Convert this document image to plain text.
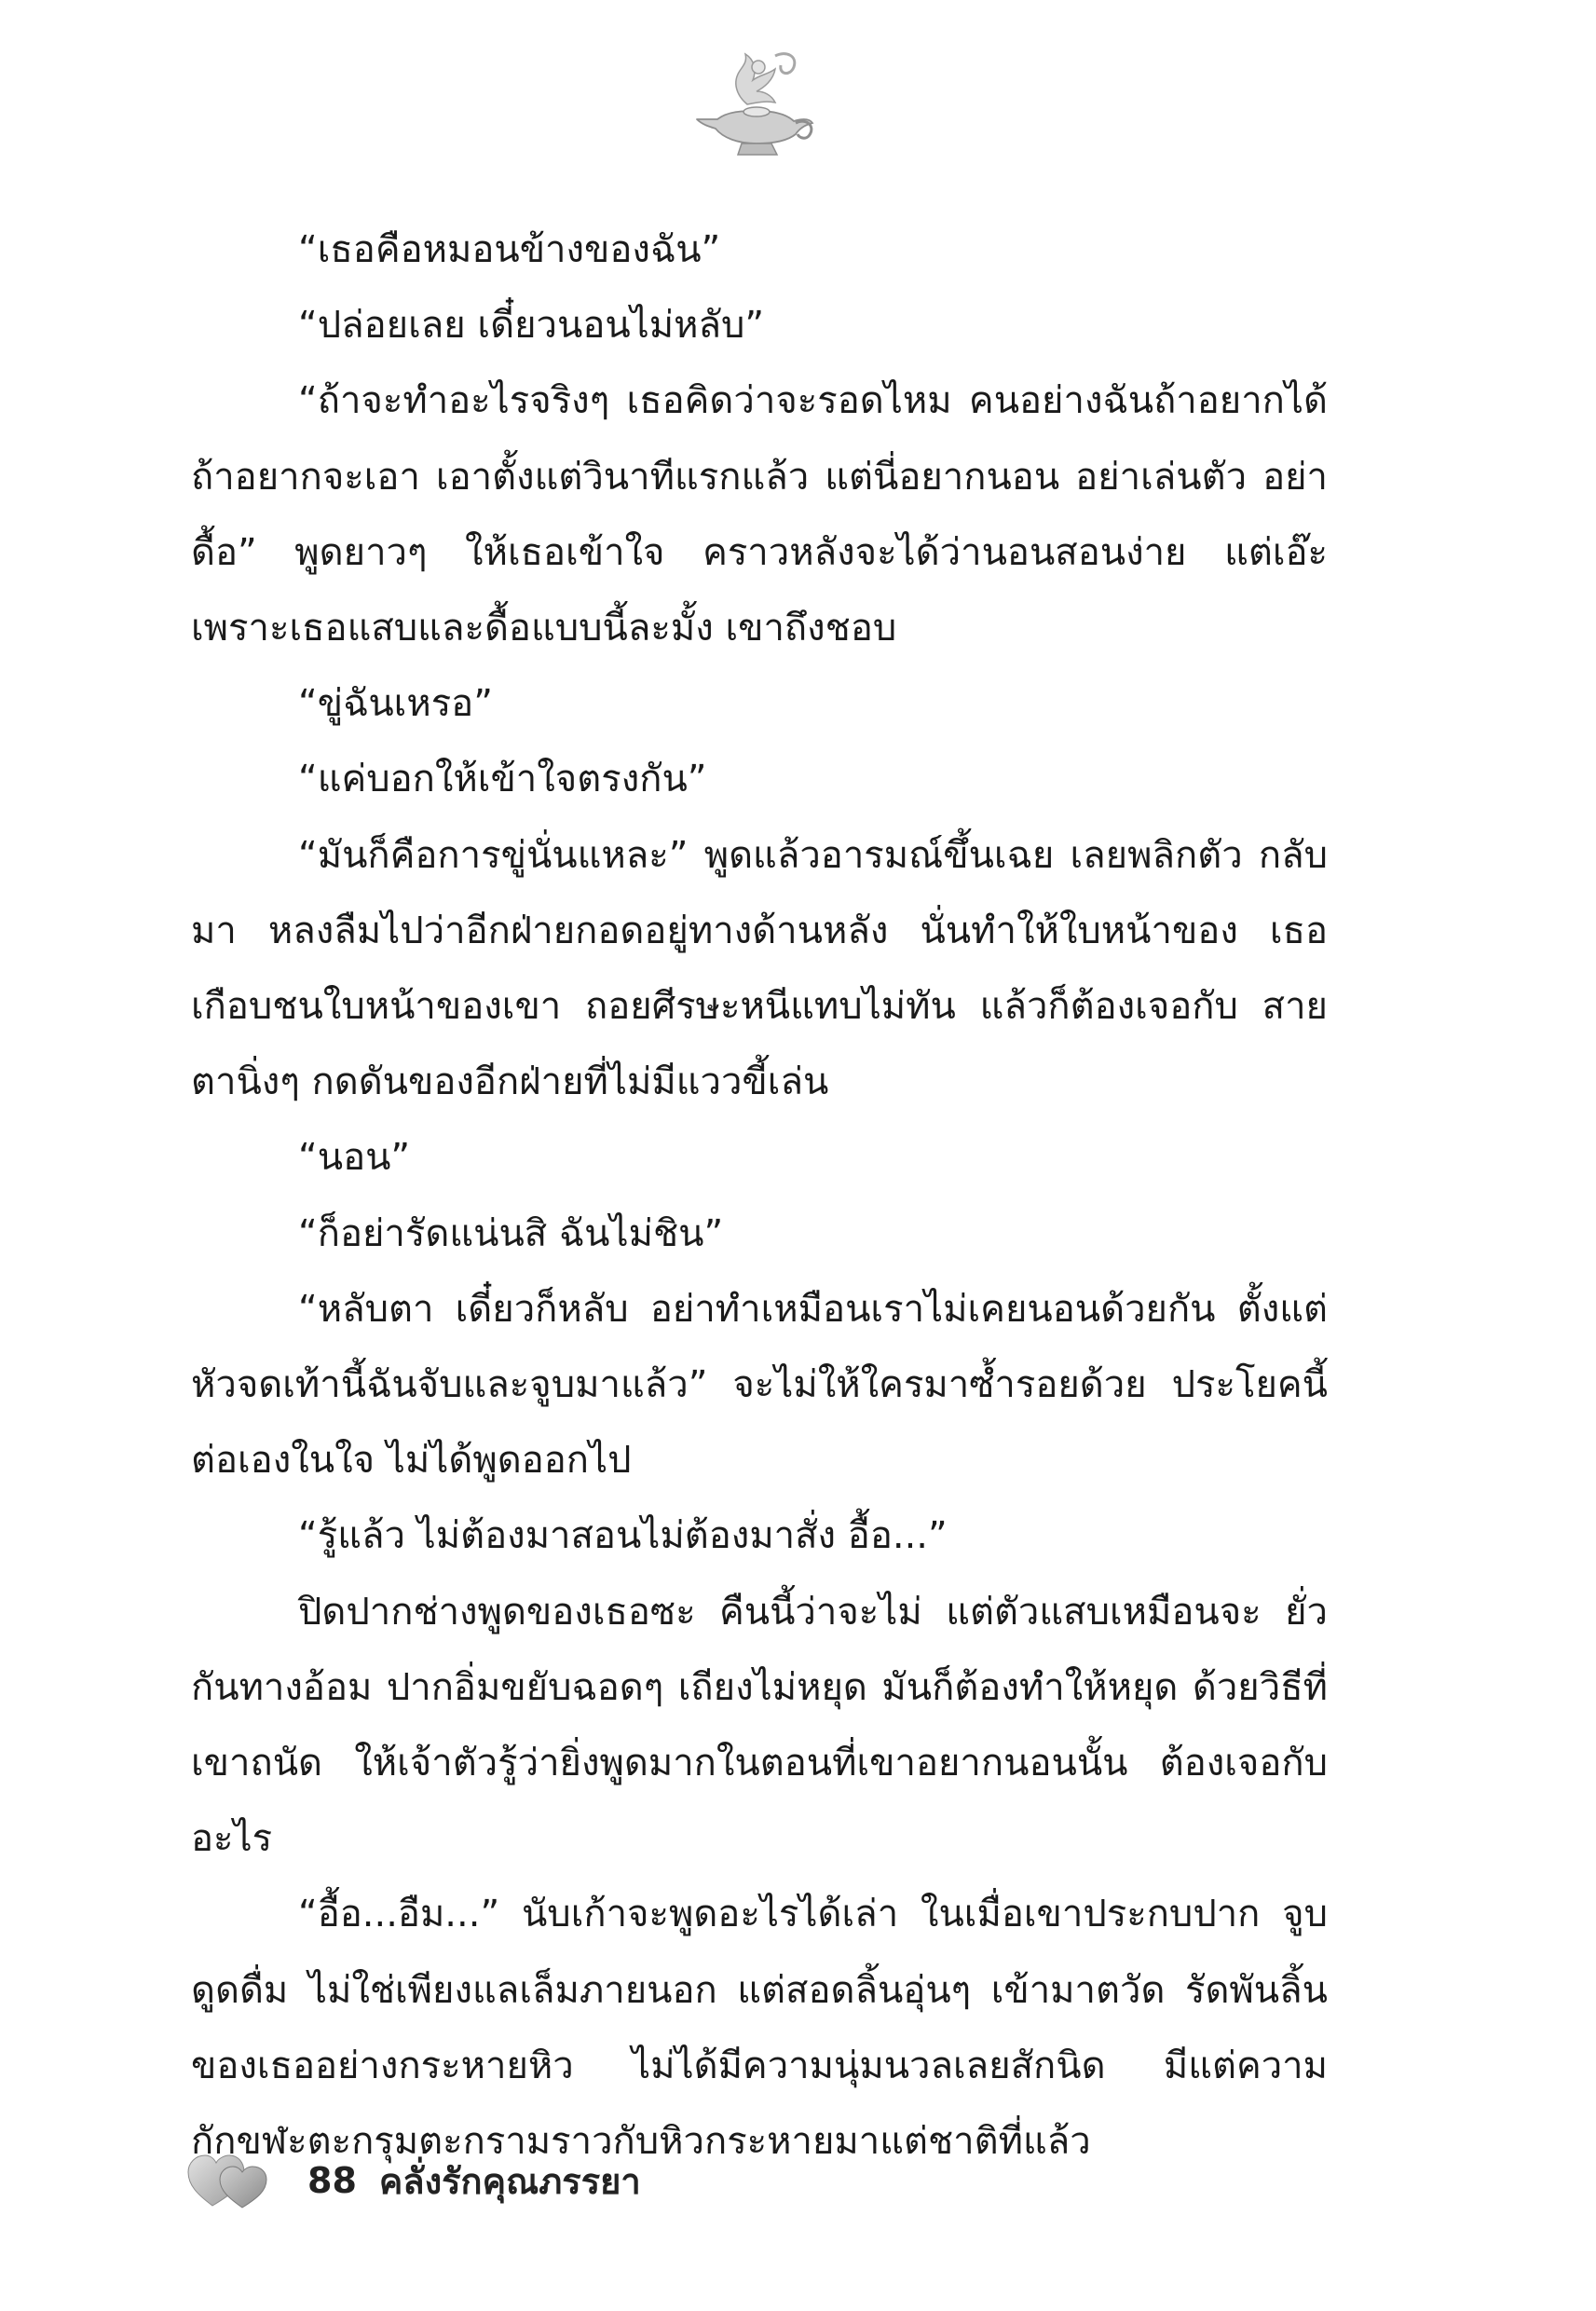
“เธอคือหมอนข้างของฉัน”

“ปล่อยเลย เดี๋ยวนอนไม่หลับ”

“ถ้าจะทำอะไรจริงๆ เธอคิดว่าจะรอดไหม คนอย่างฉันถ้าอยากได้ ถ้าอยากจะเอา เอาตั้งแต่วินาทีแรกแล้ว แต่นี่อยากนอน อย่าเล่นตัว อย่าดื้อ” พูดยาวๆ ให้เธอเข้าใจ คราวหลังจะได้ว่านอนสอนง่าย แต่เอ๊ะ เพราะเธอแสบและดื้อแบบนี้ละมั้ง เขาถึงชอบ

“ขู่ฉันเหรอ”

“แค่บอกให้เข้าใจตรงกัน”

“มันก็คือการขู่นั่นแหละ” พูดแล้วอารมณ์ขึ้นเฉย เลยพลิกตัว กลับมา หลงลืมไปว่าอีกฝ่ายกอดอยู่ทางด้านหลัง นั่นทำให้ใบหน้าของ เธอเกือบชนใบหน้าของเขา ถอยศีรษะหนีแทบไม่ทัน แล้วก็ต้องเจอกับ สายตานิ่งๆ กดดันของอีกฝ่ายที่ไม่มีแววขี้เล่น

“นอน”

“ก็อย่ารัดแน่นสิ ฉันไม่ชิน”

“หลับตา เดี๋ยวก็หลับ อย่าทำเหมือนเราไม่เคยนอนด้วยกัน ตั้งแต่หัวจดเท้านี้ฉันจับและจูบมาแล้ว” จะไม่ให้ใครมาซ้ำรอยด้วย ประโยคนี้ต่อเองในใจ ไม่ได้พูดออกไป

“รู้แล้ว ไม่ต้องมาสอนไม่ต้องมาสั่ง อื้อ...”

ปิดปากช่างพูดของเธอซะ คืนนี้ว่าจะไม่ แต่ตัวแสบเหมือนจะ ยั่วกันทางอ้อม ปากอิ่มขยับฉอดๆ เถียงไม่หยุด มันก็ต้องทำให้หยุด ด้วยวิธีที่เขาถนัด ให้เจ้าตัวรู้ว่ายิ่งพูดมากในตอนที่เขาอยากนอนนั้น ต้องเจอกับอะไร

“อื้อ...อืม...” นับเก้าจะพูดอะไรได้เล่า ในเมื่อเขาประกบปาก จูบดูดดื่ม ไม่ใช่เพียงแลเล็มภายนอก แต่สอดลิ้นอุ่นๆ เข้ามาตวัด รัดพันลิ้นของเธออย่างกระหายหิว ไม่ได้มีความนุ่มนวลเลยสักนิด มีแต่ความกักขฬะตะกรุมตะกรามราวกับหิวกระหายมาแต่ชาติที่แล้ว

88 คลั่งรักคุณภรรยา
